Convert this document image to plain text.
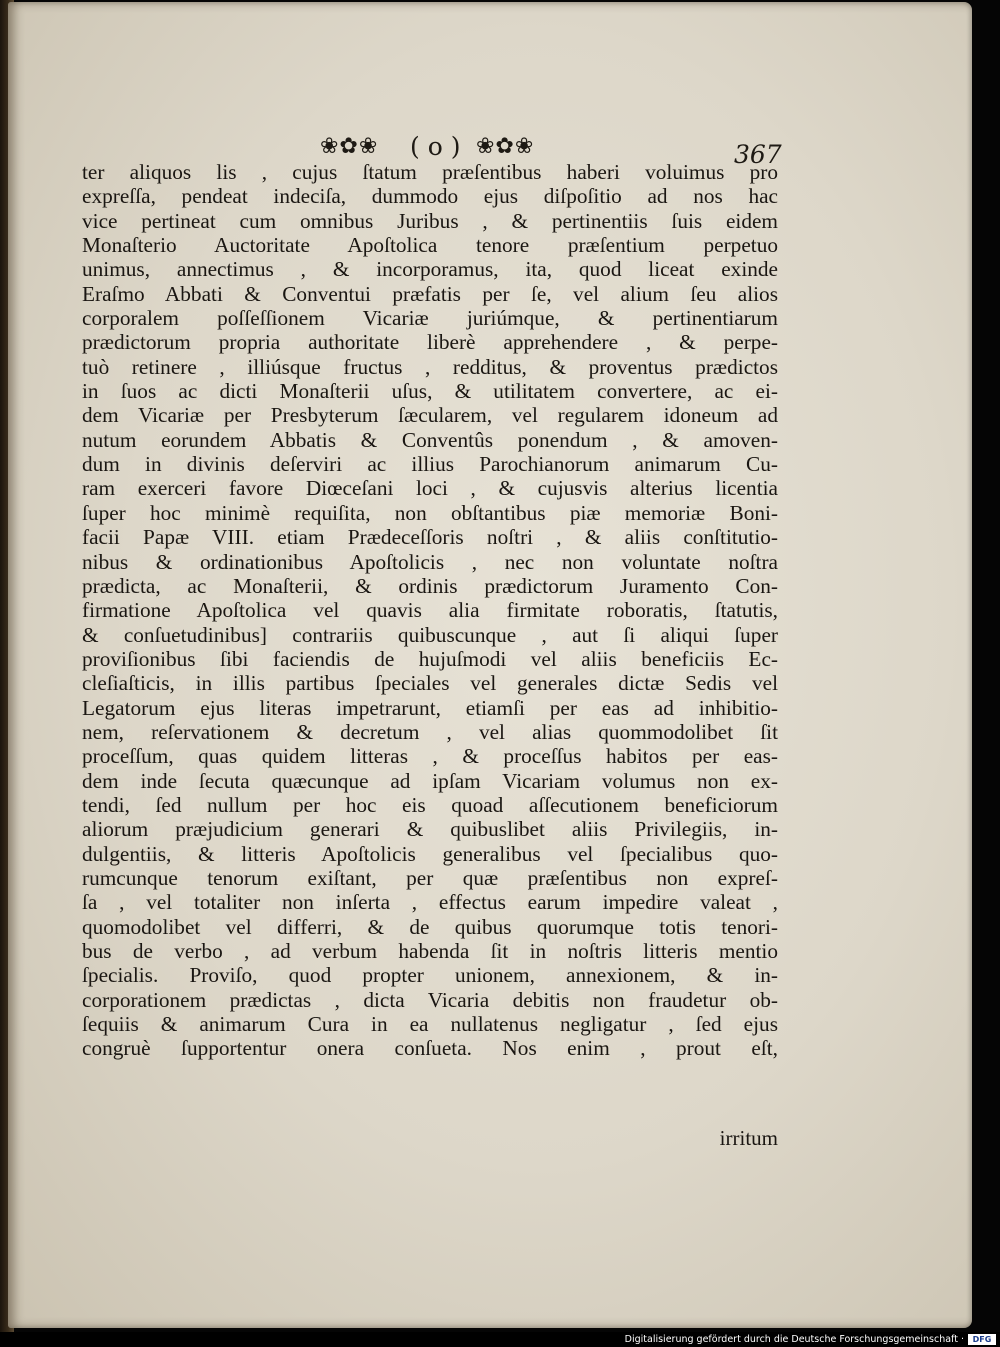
❀✿❀ ( o ) ❀✿❀	367
ter aliquos lis , cujus ſtatum præſentibus haberi voluimus pro
expreſſa, pendeat indeciſa, dummodo ejus diſpoſitio ad nos hac
vice pertineat cum omnibus Juribus , & pertinentiis ſuis eidem
Monaſterio Auctoritate Apoſtolica tenore præſentium perpetuo
unimus, annectimus , & incorporamus, ita, quod liceat exinde
Eraſmo Abbati & Conventui præfatis per ſe, vel alium ſeu alios
corporalem poſſeſſionem Vicariæ juriúmque, & pertinentiarum
prædictorum propria authoritate liberè apprehendere , & perpe-
tuò retinere , illiúsque fructus , redditus, & proventus prædictos
in ſuos ac dicti Monaſterii uſus, & utilitatem convertere, ac ei-
dem Vicariæ per Presbyterum ſæcularem, vel regularem idoneum ad
nutum eorundem Abbatis & Conventûs ponendum , & amoven-
dum in divinis deſerviri ac illius Parochianorum animarum Cu-
ram exerceri favore Diœceſani loci , & cujusvis alterius licentia
ſuper hoc minimè requiſita, non obſtantibus piæ memoriæ Boni-
facii Papæ VIII. etiam Prædeceſſoris noſtri , & aliis conſtitutio-
nibus & ordinationibus Apoſtolicis , nec non voluntate noſtra
prædicta, ac Monaſterii, & ordinis prædictorum Juramento Con-
firmatione Apoſtolica vel quavis alia firmitate roboratis, ſtatutis,
& conſuetudinibus] contrariis quibuscunque , aut ſi aliqui ſuper
proviſionibus ſibi faciendis de hujuſmodi vel aliis beneficiis Ec-
cleſiaſticis, in illis partibus ſpeciales vel generales dictæ Sedis vel
Legatorum ejus literas impetrarunt, etiamſi per eas ad inhibitio-
nem, reſervationem & decretum , vel alias quommodolibet ſit
proceſſum, quas quidem litteras , & proceſſus habitos per eas-
dem inde ſecuta quæcunque ad ipſam Vicariam volumus non ex-
tendi, ſed nullum per hoc eis quoad aſſecutionem beneficiorum
aliorum præjudicium generari & quibuslibet aliis Privilegiis, in-
dulgentiis, & litteris Apoſtolicis generalibus vel ſpecialibus quo-
rumcunque tenorum exiſtant, per quæ præſentibus non expreſ-
ſa , vel totaliter non inſerta , effectus earum impedire valeat ,
quomodolibet vel differri, & de quibus quorumque totis tenori-
bus de verbo , ad verbum habenda ſit in noſtris litteris mentio
ſpecialis. Proviſo, quod propter unionem, annexionem, & in-
corporationem prædictas , dicta Vicaria debitis non fraudetur ob-
ſequiis & animarum Cura in ea nullatenus negligatur , ſed ejus
congruè ſupportentur onera conſueta. Nos enim , prout eſt,
irritum
Digitalisierung gefördert durch die Deutsche Forschungsgemeinschaft ·	DFG
